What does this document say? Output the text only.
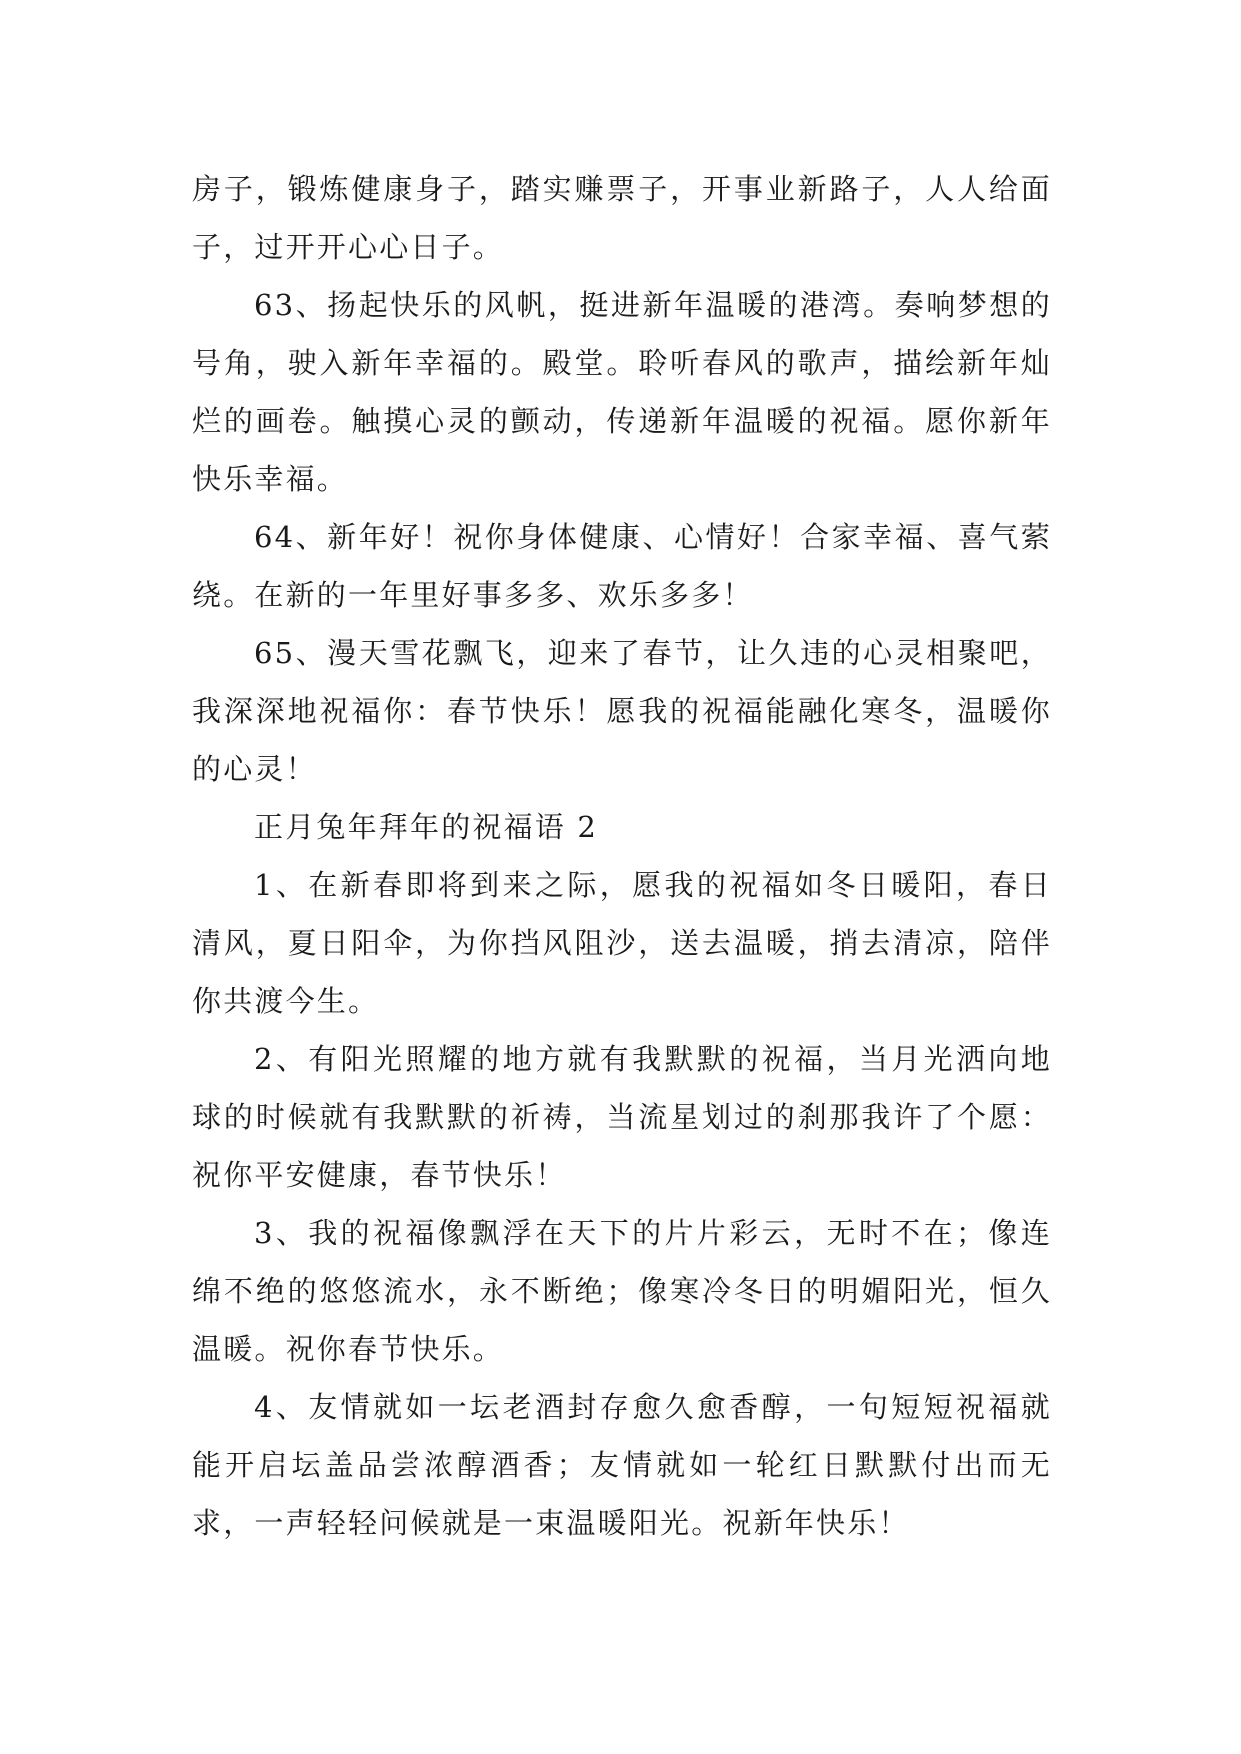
房子，锻炼健康身子，踏实赚票子，开事业新路子，人人给面子，过开开心心日子。

63、扬起快乐的风帆，挺进新年温暖的港湾。奏响梦想的号角，驶入新年幸福的。殿堂。聆听春风的歌声，描绘新年灿烂的画卷。触摸心灵的颤动，传递新年温暖的祝福。愿你新年快乐幸福。

64、新年好！祝你身体健康、心情好！合家幸福、喜气萦绕。在新的一年里好事多多、欢乐多多！

65、漫天雪花飘飞，迎来了春节，让久违的心灵相聚吧，我深深地祝福你：春节快乐！愿我的祝福能融化寒冬，温暖你的心灵！

正月兔年拜年的祝福语 2

1、在新春即将到来之际，愿我的祝福如冬日暖阳，春日清风，夏日阳伞，为你挡风阻沙，送去温暖，捎去清凉，陪伴你共渡今生。

2、有阳光照耀的地方就有我默默的祝福，当月光洒向地球的时候就有我默默的祈祷，当流星划过的刹那我许了个愿：祝你平安健康，春节快乐！

3、我的祝福像飘浮在天下的片片彩云，无时不在；像连绵不绝的悠悠流水，永不断绝；像寒冷冬日的明媚阳光，恒久温暖。祝你春节快乐。

4、友情就如一坛老酒封存愈久愈香醇，一句短短祝福就能开启坛盖品尝浓醇酒香；友情就如一轮红日默默付出而无求，一声轻轻问候就是一束温暖阳光。祝新年快乐！
